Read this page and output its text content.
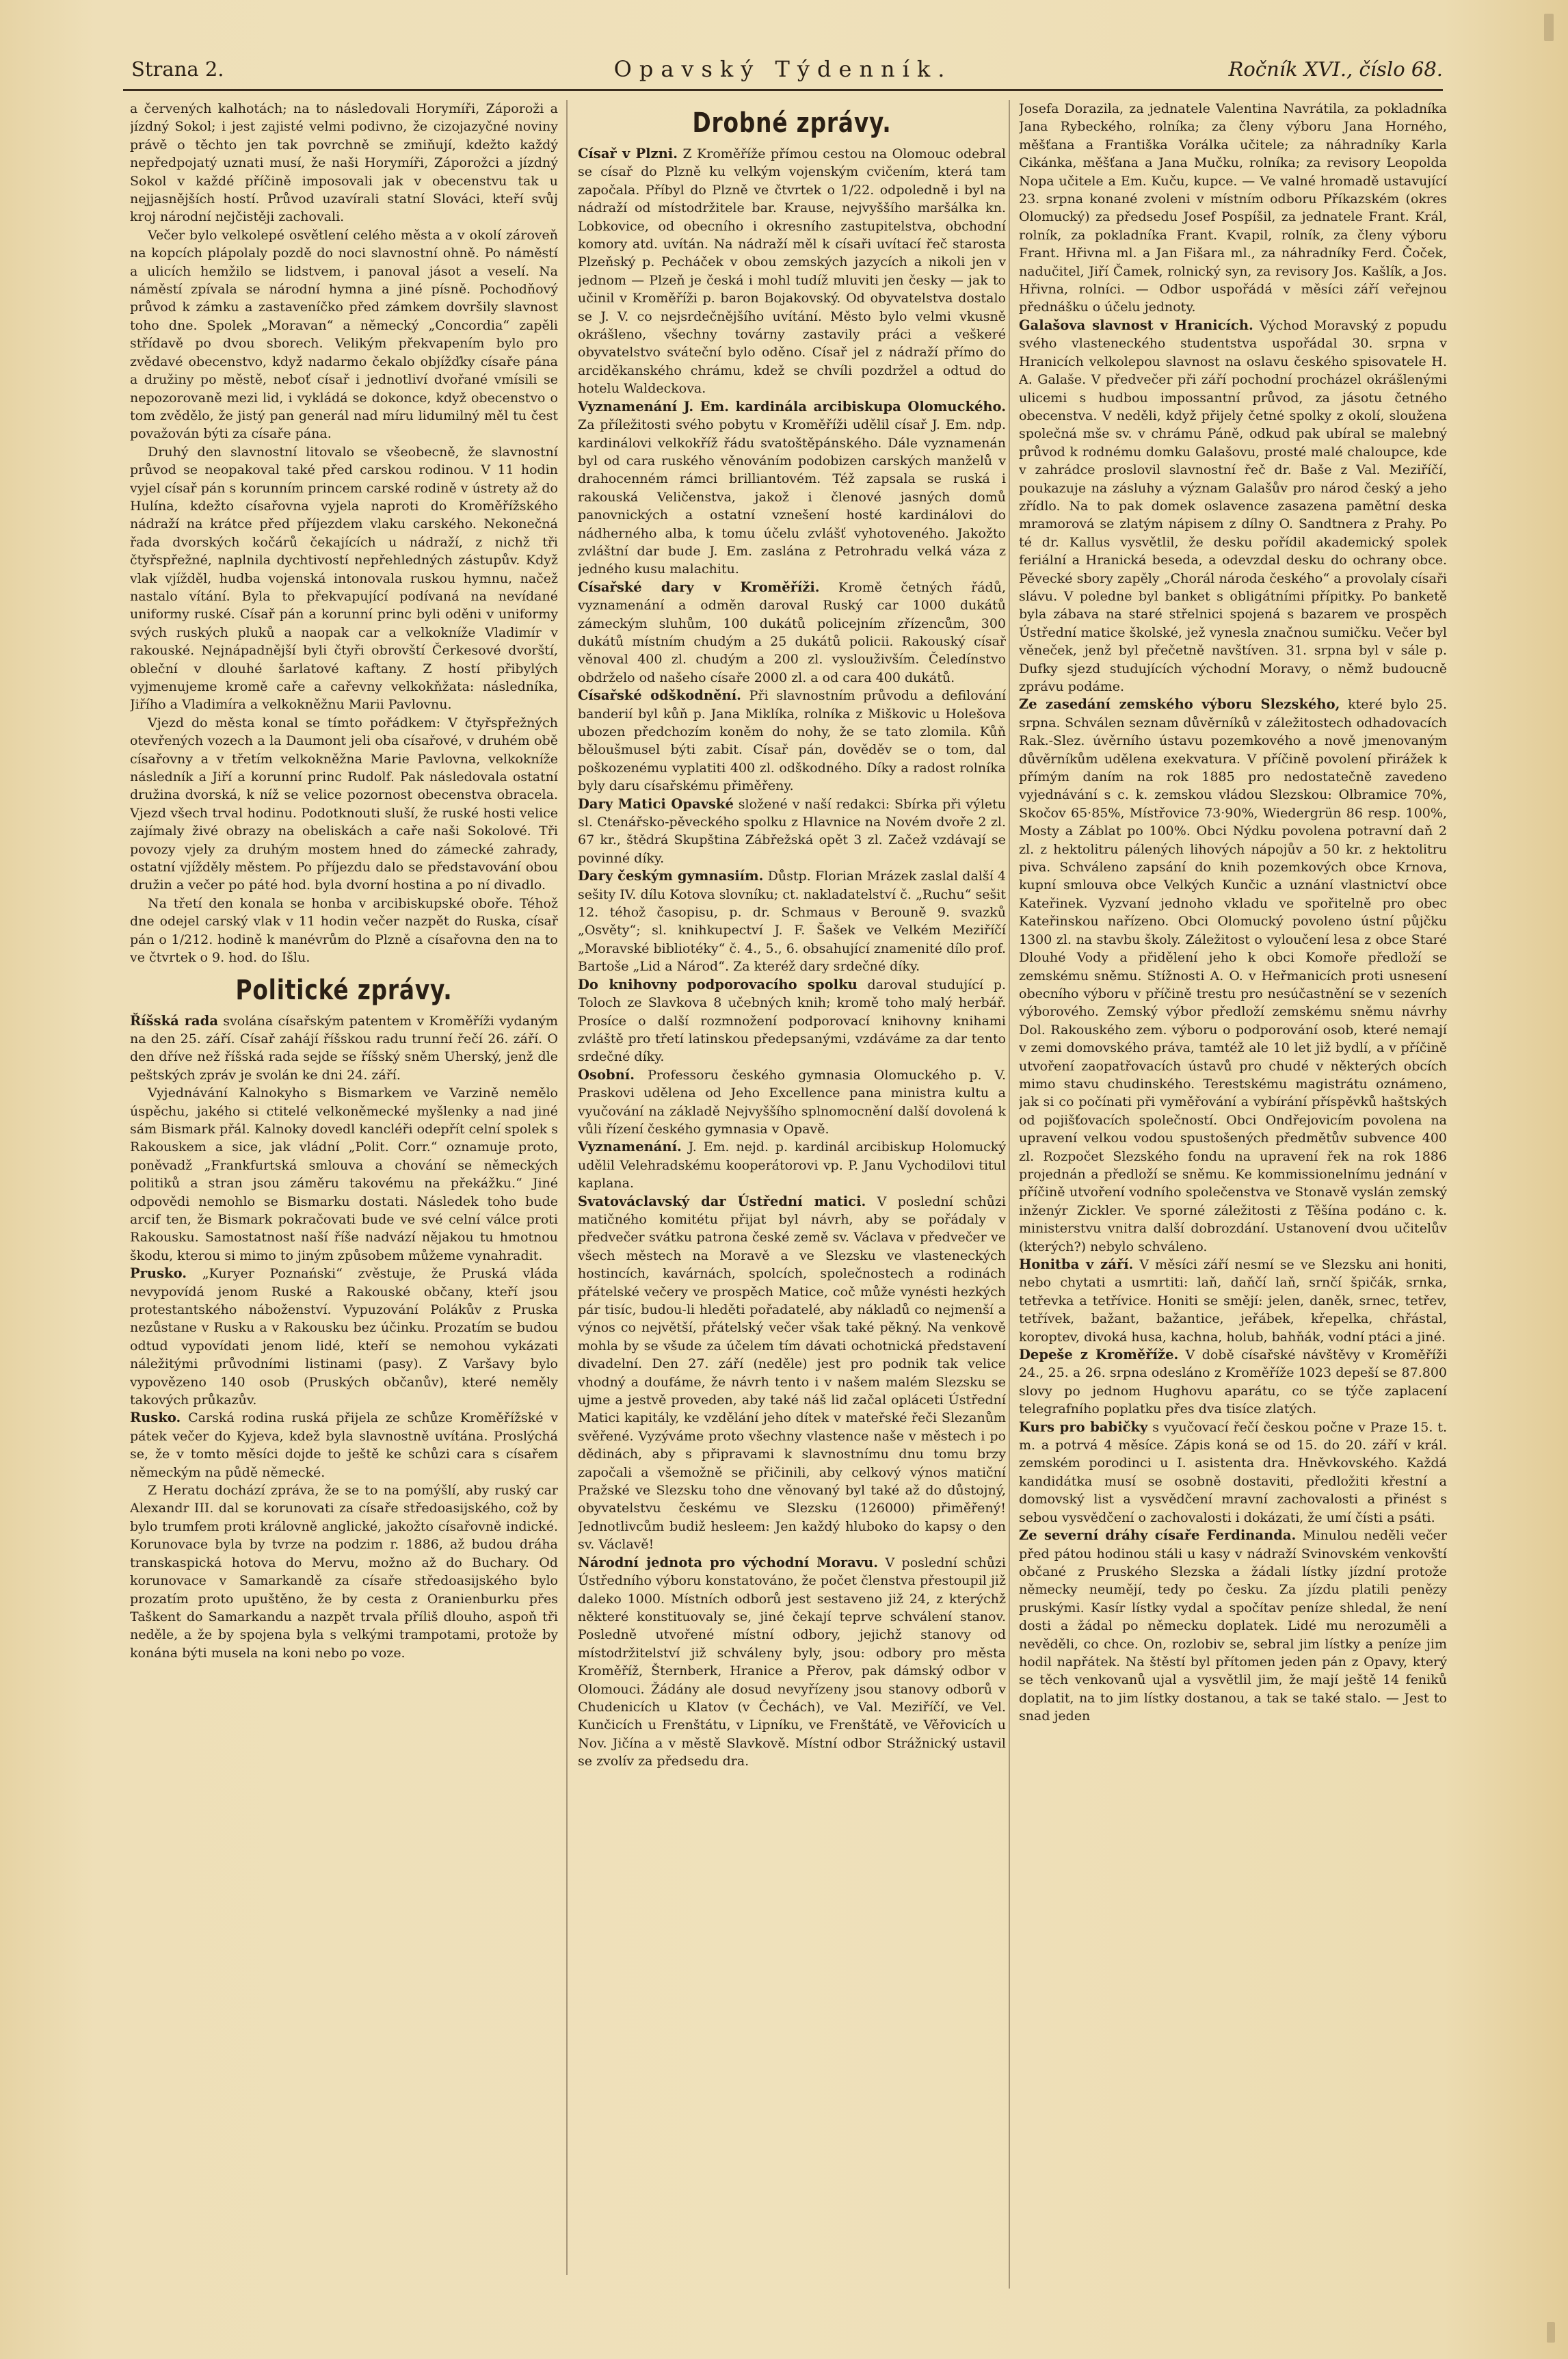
Strana 2.	Opavský Týdenník.	Ročník XVI., číslo 68.

a červených kalhotách; na to následovali Horymíři, Záporoži a jízdný Sokol; i jest zajisté velmi podivno, že cizojazyčné noviny právě o těchto jen tak povrchně se zmiňují, kdežto každý nepředpojatý uznati musí, že naši Horymíři, Záporožci a jízdný Sokol v každé příčině imposovali jak v obecenstvu tak u nejjasnějších hostí. Průvod uzavírali statní Slováci, kteří svůj kroj národní nejčistěji zachovali.

Večer bylo velkolepé osvětlení celého města a v okolí zároveň na kopcích plápolaly pozdě do noci slavnostní ohně. Po náměstí a ulicích hemžilo se lidstvem, i panoval jásot a veselí. Na náměstí zpívala se národní hymna a jiné písně. Pochodňový průvod k zámku a zastaveníčko před zámkem dovršily slavnost toho dne. Spolek „Moravan“ a německý „Concordia“ zapěli střídavě po dvou sborech. Velikým překvapením bylo pro zvědavé obecenstvo, když nadarmo čekalo objížďky císaře pána a družiny po městě, neboť císař i jednotliví dvořané vmísili se nepozorovaně mezi lid, i vykládá se dokonce, když obecenstvo o tom zvědělo, že jistý pan generál nad míru lidumilný měl tu čest považován býti za císaře pána.

Druhý den slavnostní litovalo se všeobecně, že slavnostní průvod se neopakoval také před carskou rodinou. V 11 hodin vyjel císař pán s korunním princem carské rodině v ústrety až do Hulína, kdežto císařovna vyjela naproti do Kroměřížského nádraží na krátce před příjezdem vlaku carského. Nekonečná řada dvorských kočárů čekajících u nádraží, z nichž tři čtyřspřežné, naplnila dychtivostí nepřehledných zástupův. Když vlak vjížděl, hudba vojenská intonovala ruskou hymnu, načež nastalo vítání. Byla to překvapující podívaná na nevídané uniformy ruské. Císař pán a korunní princ byli oděni v uniformy svých ruských pluků a naopak car a velkokníže Vladimír v rakouské. Nejnápadnější byli čtyři obrovští Čerkesové dvorští, obleční v dlouhé šarlatové kaftany. Z hostí přibylých vyjmenujeme kromě caře a cařevny velkokňžata: následníka, Jiřího a Vladimíra a velkokněžnu Marii Pavlovnu.

Vjezd do města konal se tímto pořádkem: V čtyřspřežných otevřených vozech a la Daumont jeli oba císařové, v druhém obě císařovny a v třetím velkokněžna Marie Pavlovna, velkokníže následník a Jiří a korunní princ Rudolf. Pak následovala ostatní družina dvorská, k níž se velice pozornost obecenstva obracela. Vjezd všech trval hodinu. Podotknouti sluší, že ruské hosti velice zajímaly živé obrazy na obeliskách a caře naši Sokolové. Tři povozy vjely za druhým mostem hned do zámecké zahrady, ostatní vjížděly městem. Po příjezdu dalo se představování obou družin a večer po páté hod. byla dvorní hostina a po ní divadlo.

Na třetí den konala se honba v arcibiskupské oboře. Téhož dne odejel carský vlak v 11 hodin večer nazpět do Ruska, císař pán o 1/212. hodině k manévrům do Plzně a císařovna den na to ve čtvrtek o 9. hod. do Išlu.

Politické zprávy.

Říšská rada svolána císařským patentem v Kroměříži vydaným na den 25. září. Císař zahájí říšskou radu trunní řečí 26. září. O den dříve než říšská rada sejde se říšský sněm Uherský, jenž dle peštských zpráv je svolán ke dni 24. září.

Vyjednávání Kalnokyho s Bismarkem ve Varzině nemělo úspěchu, jakého si ctitelé velkoněmecké myšlenky a nad jiné sám Bismark přál. Kalnoky dovedl kancléři odepřít celní spolek s Rakouskem a sice, jak vládní „Polit. Corr.“ oznamuje proto, poněvadž „Frankfurtská smlouva a chování se německých politiků a stran jsou záměru takovému na překážku.“ Jiné odpovědi nemohlo se Bismarku dostati. Následek toho bude arcif ten, že Bismark pokračovati bude ve své celní válce proti Rakousku. Samostatnost naší říše nadvází nějakou tu hmotnou škodu, kterou si mimo to jiným způsobem můžeme vynahradit.

Prusko. „Kuryer Poznański“ zvěstuje, že Pruská vláda nevypovídá jenom Ruské a Rakouské občany, kteří jsou protestantského náboženství. Vypuzování Polákův z Pruska nezůstane v Rusku a v Rakousku bez účinku. Prozatím se budou odtud vypovídati jenom lidé, kteří se nemohou vykázati náležitými průvodními listinami (pasy). Z Varšavy bylo vypovězeno 140 osob (Pruských občanův), které neměly takových průkazův.

Rusko. Carská rodina ruská přijela ze schůze Kroměřížské v pátek večer do Kyjeva, kdež byla slavnostně uvítána. Proslýchá se, že v tomto měsíci dojde to ještě ke schůzi cara s císařem německým na půdě německé.

Z Heratu dochází zpráva, že se to na pomýšlí, aby ruský car Alexandr III. dal se korunovati za císaře středoasijského, což by bylo trumfem proti královně anglické, jakožto císařovně indické. Korunovace byla by tvrze na podzim r. 1886, až budou dráha transkaspická hotova do Mervu, možno až do Buchary. Od korunovace v Samarkandě za císaře středoasijského bylo prozatím proto upuštěno, že by cesta z Oranienburku přes Taškent do Samarkandu a nazpět trvala příliš dlouho, aspoň tři neděle, a že by spojena byla s velkými trampotami, protože by konána býti musela na koni nebo po voze.

Drobné zprávy.

Císař v Plzni. Z Kroměříže přímou cestou na Olomouc odebral se císař do Plzně ku velkým vojenským cvičením, která tam započala. Příbyl do Plzně ve čtvrtek o 1/22. odpoledně i byl na nádraží od místodržitele bar. Krause, nejvyššího maršálka kn. Lobkovice, od obecního i okresního zastupitelstva, obchodní komory atd. uvítán. Na nádraží měl k císaři uvítací řeč starosta Plzeňský p. Pecháček v obou zemských jazycích a nikoli jen v jednom — Plzeň je česká i mohl tudíž mluviti jen česky — jak to učinil v Kroměříži p. baron Bojakovský. Od obyvatelstva dostalo se J. V. co nejsrdečnějšího uvítání. Město bylo velmi vkusně okrášleno, všechny továrny zastavily práci a veškeré obyvatelstvo sváteční bylo oděno. Císař jel z nádraží přímo do arciděkanského chrámu, kdež se chvíli pozdržel a odtud do hotelu Waldeckova.

Vyznamenání J. Em. kardinála arcibiskupa Olomuckého. Za příležitosti svého pobytu v Kroměříži udělil císař J. Em. ndp. kardinálovi velkokříž řádu svatoštěpánského. Dále vyznamenán byl od cara ruského věnováním podobizen carských manželů v drahocenném rámci brilliantovém. Též zapsala se ruská i rakouská Veličenstva, jakož i členové jasných domů panovnických a ostatní vznešení hosté kardinálovi do nádherného alba, k tomu účelu zvlášť vyhotoveného. Jakožto zvláštní dar bude J. Em. zaslána z Petrohradu velká váza z jedného kusu malachitu.

Císařské dary v Kroměříži. Kromě četných řádů, vyznamenání a odměn daroval Ruský car 1000 dukátů zámeckým sluhům, 100 dukátů policejním zřízencům, 300 dukátů místním chudým a 25 dukátů policii. Rakouský císař věnoval 400 zl. chudým a 200 zl. vyslouživším. Čeledínstvo obdrželo od našeho císaře 2000 zl. a od cara 400 dukátů.

Císařské odškodnění. Při slavnostním průvodu a defilování banderií byl kůň p. Jana Miklíka, rolníka z Miškovic u Holešova ubozen předchozím koněm do nohy, že se tato zlomila. Kůň běloušmusel býti zabit. Císař pán, dověděv se o tom, dal poškozenému vyplatiti 400 zl. odškodného. Díky a radost rolníka byly daru císařskému přiměřeny.

Dary Matici Opavské složené v naší redakci: Sbírka při výletu sl. Ctenářsko-pěveckého spolku z Hlavnice na Novém dvoře 2 zl. 67 kr., štědrá Skupština Zábřežská opět 3 zl. Začež vzdávají se povinné díky.

Dary českým gymnasiím. Důstp. Florian Mrázek zaslal další 4 sešity IV. dílu Kotova slovníku; ct. nakladatelství č. „Ruchu“ sešit 12. téhož časopisu, p. dr. Schmaus v Berouně 9. svazků „Osvěty“; sl. knihkupectví J. F. Šašek ve Velkém Meziříčí „Moravské bibliotéky“ č. 4., 5., 6. obsahující znamenité dílo prof. Bartoše „Lid a Národ“. Za kteréž dary srdečné díky.

Do knihovny podporovacího spolku daroval studující p. Toloch ze Slavkova 8 učebných knih; kromě toho malý herbář. Prosíce o další rozmnožení podporovací knihovny knihami zvláště pro třetí latinskou předepsanými, vzdáváme za dar tento srdečné díky.

Osobní. Professoru českého gymnasia Olomuckého p. V. Praskovi udělena od Jeho Excellence pana ministra kultu a vyučování na základě Nejvyššího splnomocnění další dovolená k vůli řízení českého gymnasia v Opavě.

Vyznamenání. J. Em. nejd. p. kardinál arcibiskup Holomucký udělil Velehradskému kooperátorovi vp. P. Janu Vychodilovi titul kaplana.

Svatováclavský dar Ústřední matici. V poslední schůzi matičného komitétu přijat byl návrh, aby se pořádaly v předvečer svátku patrona české země sv. Václava v předvečer ve všech městech na Moravě a ve Slezsku ve vlasteneckých hostincích, kavárnách, spolcích, společnostech a rodinách přátelské večery ve prospěch Matice, coč může vynésti hezkých pár tisíc, budou-li hleděti pořadatelé, aby nákladů co nejmenší a výnos co největší, přátelský večer však také pěkný. Na venkově mohla by se všude za účelem tím dávati ochotnická představení divadelní. Den 27. září (neděle) jest pro podnik tak velice vhodný a doufáme, že návrh tento i v našem malém Slezsku se ujme a jestvě proveden, aby také náš lid začal opláceti Ústřední Matici kapitály, ke vzdělání jeho dítek v mateřské řeči Slezanům svěřené. Vyzýváme proto všechny vlastence naše v městech i po dědinách, aby s připravami k slavnostnímu dnu tomu brzy započali a všemožně se přičinili, aby celkový výnos matiční Pražské ve Slezsku toho dne věnovaný byl také až do důstojný, obyvatelstvu českému ve Slezsku (126000) přiměřený! Jednotlivcům budiž hesleem: Jen každý hluboko do kapsy o den sv. Václavě!

Národní jednota pro východní Moravu. V poslední schůzi Ústředního výboru konstatováno, že počet členstva přestoupil již daleko 1000. Místních odborů jest sestaveno již 24, z kterýchž některé konstituovaly se, jiné čekají teprve schválení stanov. Posledně utvořené místní odbory, jejichž stanovy od místodržitelství již schváleny byly, jsou: odbory pro města Kroměříž, Šternberk, Hranice a Přerov, pak dámský odbor v Olomouci. Žádány ale dosud nevyřízeny jsou stanovy odborů v Chudenicích u Klatov (v Čechách), ve Val. Meziříčí, ve Vel. Kunčicích u Frenštátu, v Lipníku, ve Frenštátě, ve Věřovicích u Nov. Jičína a v městě Slavkově. Místní odbor Strážnický ustavil se zvolív za předsedu dra.

Josefa Dorazila, za jednatele Valentina Navrátila, za pokladníka Jana Rybeckého, rolníka; za členy výboru Jana Horného, měšťana a Františka Vorálka učitele; za náhradníky Karla Cikánka, měšťana a Jana Mučku, rolníka; za revisory Leopolda Nopa učitele a Em. Kuču, kupce. — Ve valné hromadě ustavující 23. srpna konané zvoleni v místním odboru Příkazském (okres Olomucký) za předsedu Josef Pospíšil, za jednatele Frant. Král, rolník, za pokladníka Frant. Kvapil, rolník, za členy výboru Frant. Hřivna ml. a Jan Fišara ml., za náhradníky Ferd. Čoček, nadučitel, Jiří Čamek, rolnický syn, za revisory Jos. Kašlík, a Jos. Hřivna, rolníci. — Odbor uspořádá v měsíci září veřejnou přednášku o účelu jednoty.

Galašova slavnost v Hranicích. Východ Moravský z popudu svého vlasteneckého studentstva uspořádal 30. srpna v Hranicích velkolepou slavnost na oslavu českého spisovatele H. A. Galaše. V předvečer při září pochodní procházel okrášlenými ulicemi s hudbou impossantní průvod, za jásotu četného obecenstva. V neděli, když přijely četné spolky z okolí, sloužena společná mše sv. v chrámu Páně, odkud pak ubíral se malebný průvod k rodnému domku Galašovu, prosté malé chaloupce, kde v zahrádce proslovil slavnostní řeč dr. Baše z Val. Meziříčí, poukazuje na zásluhy a význam Galašův pro národ český a jeho zřídlo. Na to pak domek oslavence zasazena pamětní deska mramorová se zlatým nápisem z dílny O. Sandtnera z Prahy. Po té dr. Kallus vysvětlil, že desku pořídil akademický spolek feriální a Hranická beseda, a odevzdal desku do ochrany obce. Pěvecké sbory zapěly „Chorál národa českého“ a provolaly císaři slávu. V poledne byl banket s obligátními přípitky. Po banketě byla zábava na staré střelnici spojená s bazarem ve prospěch Ústřední matice školské, jež vynesla značnou sumičku. Večer byl věneček, jenž byl přečetně navštíven. 31. srpna byl v sále p. Dufky sjezd studujících východní Moravy, o němž budoucně zprávu podáme.

Ze zasedání zemského výboru Slezského, které bylo 25. srpna. Schválen seznam důvěrníků v záležitostech odhadovacích Rak.-Slez. úvěrního ústavu pozemkového a nově jmenovaným důvěrníkům udělena exekvatura. V příčině povolení přirážek k přímým daním na rok 1885 pro nedostatečně zavedeno vyjednávání s c. k. zemskou vládou Slezskou: Olbramice 70%, Skočov 65·85%, Místřovice 73·90%, Wiedergrün 86 resp. 100%, Mosty a Záblat po 100%. Obci Nýdku povolena potravní daň 2 zl. z hektolitru pálených lihových nápojův a 50 kr. z hektolitru piva. Schváleno zapsání do knih pozemkových obce Krnova, kupní smlouva obce Velkých Kunčic a uznání vlastnictví obce Kateřinek. Vyzvaní jednoho vkladu ve spořitelně pro obec Kateřinskou nařízeno. Obci Olomucký povoleno ústní půjčku 1300 zl. na stavbu školy. Záležitost o vyloučení lesa z obce Staré Dlouhé Vody a přidělení jeho k obci Komoře předloží se zemskému sněmu. Stížnosti A. O. v Heřmanicích proti usnesení obecního výboru v příčině trestu pro nesúčastnění se v sezeních výborového. Zemský výbor předloží zemskému sněmu návrhy Dol. Rakouského zem. výboru o podporování osob, které nemají v zemi domovského práva, tamtéž ale 10 let již bydlí, a v příčině utvoření zaopatřovacích ústavů pro chudé v některých obcích mimo stavu chudinského. Terestskému magistrátu oznámeno, jak si co počínati při vyměřování a vybírání příspěvků haštských od pojišťovacích společností. Obci Ondřejovicím povolena na upravení velkou vodou spustošených předmětův subvence 400 zl. Rozpočet Slezského fondu na upravení řek na rok 1886 projednán a předloží se sněmu. Ke kommissionelnímu jednání v příčině utvoření vodního společenstva ve Stonavě vyslán zemský inženýr Zickler. Ve sporné záležitosti z Těšína podáno c. k. ministerstvu vnitra další dobrozdání. Ustanovení dvou učitelův (kterých?) nebylo schváleno.

Honitba v září. V měsíci září nesmí se ve Slezsku ani honiti, nebo chytati a usmrtiti: laň, daňčí laň, srnčí špičák, srnka, tetřevka a tetřívice. Honiti se smějí: jelen, daněk, srnec, tetřev, tetřívek, bažant, bažantice, jeřábek, křepelka, chřástal, koroptev, divoká husa, kachna, holub, bahňák, vodní ptáci a jiné.

Depeše z Kroměříže. V době císařské návštěvy v Kroměříži 24., 25. a 26. srpna odesláno z Kroměříže 1023 depeší se 87.800 slovy po jednom Hughovu aparátu, co se týče zaplacení telegrafního poplatku přes dva tisíce zlatých.

Kurs pro babičky s vyučovací řečí českou počne v Praze 15. t. m. a potrvá 4 měsíce. Zápis koná se od 15. do 20. září v král. zemském porodinci u I. asistenta dra. Hněvkovského. Každá kandidátka musí se osobně dostaviti, předložiti křestní a domovský list a vysvědčení mravní zachovalosti a přinést s sebou vysvědčení o zachovalosti i dokázati, že umí čísti a psáti.

Ze severní dráhy císaře Ferdinanda. Minulou neděli večer před pátou hodinou stáli u kasy v nádraží Svinovském venkovští občané z Pruského Slezska a žádali lístky jízdní protože německy neumějí, tedy po česku. Za jízdu platili penězy pruskými. Kasír lístky vydal a spočítav peníze shledal, že není dosti a žádal po německu doplatek. Lidé mu nerozuměli a nevěděli, co chce. On, rozlobiv se, sebral jim lístky a peníze jim hodil napřátek. Na štěstí byl přítomen jeden pán z Opavy, který se těch venkovanů ujal a vysvětlil jim, že mají ještě 14 feniků doplatit, na to jim lístky dostanou, a tak se také stalo. — Jest to snad jeden
